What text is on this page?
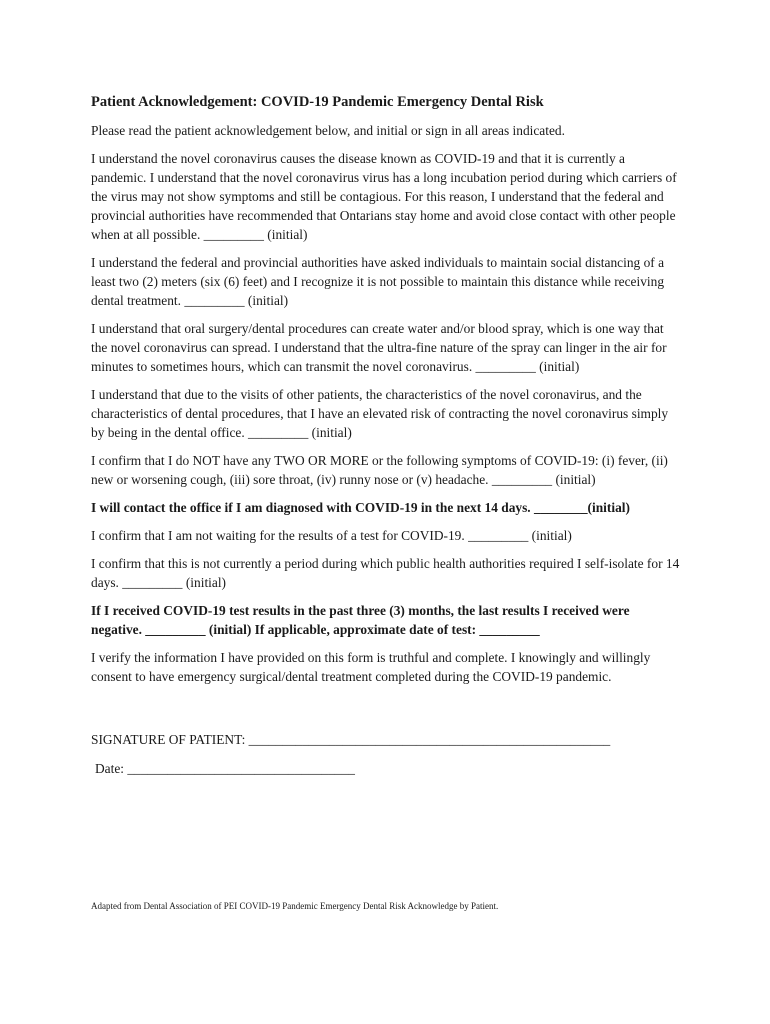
Patient Acknowledgement: COVID-19 Pandemic Emergency Dental Risk

Please read the patient acknowledgement below, and initial or sign in all areas indicated.

I understand the novel coronavirus causes the disease known as COVID-19 and that it is currently a pandemic. I understand that the novel coronavirus virus has a long incubation period during which carriers of the virus may not show symptoms and still be contagious. For this reason, I understand that the federal and provincial authorities have recommended that Ontarians stay home and avoid close contact with other people when at all possible. _________ (initial)

I understand the federal and provincial authorities have asked individuals to maintain social distancing of a least two (2) meters (six (6) feet) and I recognize it is not possible to maintain this distance while receiving dental treatment. _________ (initial)

I understand that oral surgery/dental procedures can create water and/or blood spray, which is one way that the novel coronavirus can spread. I understand that the ultra-fine nature of the spray can linger in the air for minutes to sometimes hours, which can transmit the novel coronavirus. _________ (initial)

I understand that due to the visits of other patients, the characteristics of the novel coronavirus, and the characteristics of dental procedures, that I have an elevated risk of contracting the novel coronavirus simply by being in the dental office. _________ (initial)

I confirm that I do NOT have any TWO OR MORE or the following symptoms of COVID-19: (i) fever, (ii) new or worsening cough, (iii) sore throat, (iv) runny nose or (v) headache. _________ (initial)

I will contact the office if I am diagnosed with COVID-19 in the next 14 days. ________(initial)

I confirm that I am not waiting for the results of a test for COVID-19. _________ (initial)

I confirm that this is not currently a period during which public health authorities required I self-isolate for 14 days. _________ (initial)

If I received COVID-19 test results in the past three (3) months, the last results I received were negative. _________ (initial) If applicable, approximate date of test: _________

I verify the information I have provided on this form is truthful and complete. I knowingly and willingly consent to have emergency surgical/dental treatment completed during the COVID-19 pandemic.

SIGNATURE OF PATIENT: ______________________________________________________

Date: __________________________________

Adapted from Dental Association of PEI COVID-19 Pandemic Emergency Dental Risk Acknowledge by Patient.
